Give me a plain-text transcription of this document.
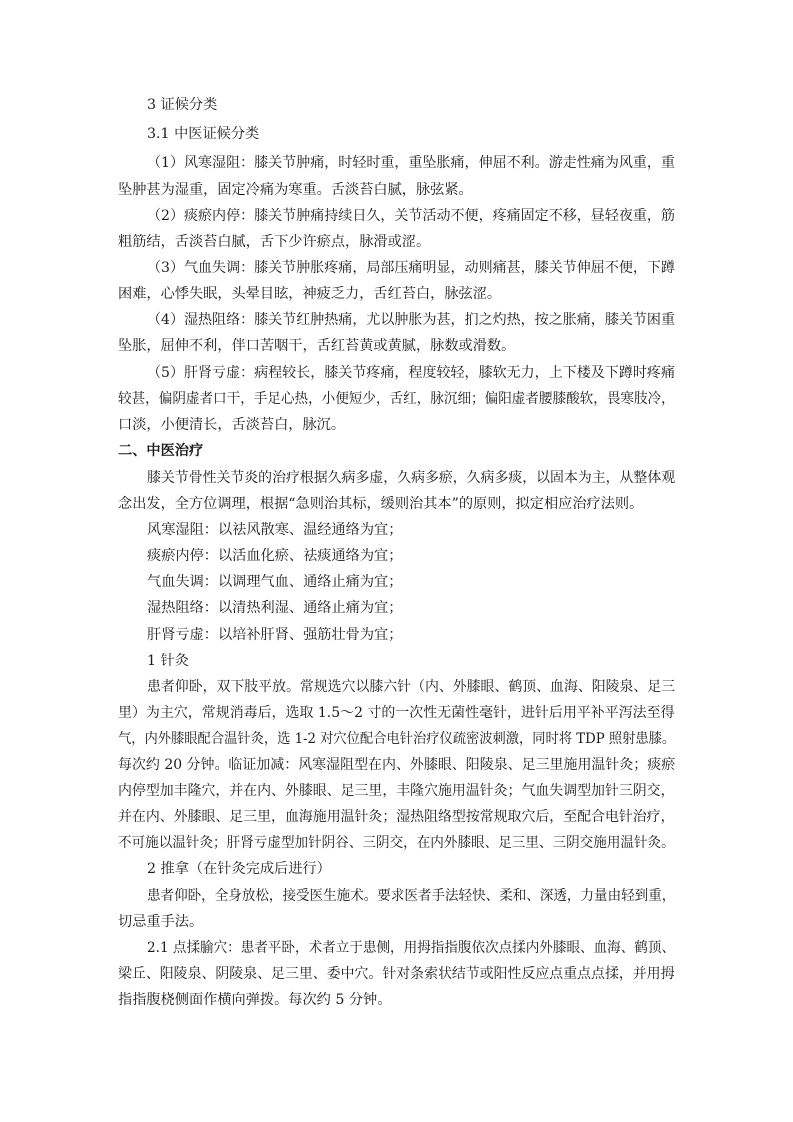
3 证候分类
3.1 中医证候分类
（1）风寒湿阻：膝关节肿痛，时轻时重，重坠胀痛，伸屈不利。游走性痛为风重，重
坠肿甚为湿重，固定冷痛为寒重。舌淡苔白腻，脉弦紧。
（2）痰瘀内停：膝关节肿痛持续日久，关节活动不便，疼痛固定不移，昼轻夜重，筋
粗筋结，舌淡苔白腻，舌下少许瘀点，脉滑或涩。
（3）气血失调：膝关节肿胀疼痛，局部压痛明显，动则痛甚，膝关节伸屈不便，下蹲
困难，心悸失眠，头晕目眩，神疲乏力，舌红苔白，脉弦涩。
（4）湿热阻络：膝关节红肿热痛，尤以肿胀为甚，扪之灼热，按之胀痛，膝关节困重
坠胀，屈伸不利，伴口苦咽干，舌红苔黄或黄腻，脉数或滑数。
（5）肝肾亏虚：病程较长，膝关节疼痛，程度较轻，膝软无力，上下楼及下蹲时疼痛
较甚，偏阴虚者口干，手足心热，小便短少，舌红，脉沉细；偏阳虚者腰膝酸软，畏寒肢冷，
口淡，小便清长，舌淡苔白，脉沉。
二、中医治疗
膝关节骨性关节炎的治疗根据久病多虚，久病多瘀，久病多痰，以固本为主，从整体观
念出发，全方位调理，根据“急则治其标，缓则治其本”的原则，拟定相应治疗法则。
风寒湿阻：以祛风散寒、温经通络为宜；
痰瘀内停：以活血化瘀、祛痰通络为宜；
气血失调：以调理气血、通络止痛为宜；
湿热阻络：以清热利湿、通络止痛为宜；
肝肾亏虚：以培补肝肾、强筋壮骨为宜；
1 针灸
患者仰卧，双下肢平放。常规选穴以膝六针（内、外膝眼、鹤顶、血海、阳陵泉、足三
里）为主穴，常规消毒后，选取 1.5～2 寸的一次性无菌性毫针，进针后用平补平泻法至得
气，内外膝眼配合温针灸，选 1-2 对穴位配合电针治疗仪疏密波刺激，同时将 TDP 照射患膝。
每次约 20 分钟。临证加减：风寒湿阻型在内、外膝眼、阳陵泉、足三里施用温针灸；痰瘀
内停型加丰隆穴，并在内、外膝眼、足三里，丰隆穴施用温针灸；气血失调型加针三阴交，
并在内、外膝眼、足三里，血海施用温针灸；湿热阻络型按常规取穴后，至配合电针治疗，
不可施以温针灸；肝肾亏虚型加针阴谷、三阴交，在内外膝眼、足三里、三阴交施用温针灸。
2 推拿（在针灸完成后进行）
患者仰卧，全身放松，接受医生施术。要求医者手法轻快、柔和、深透，力量由轻到重，
切忌重手法。
2.1 点揉腧穴：患者平卧，术者立于患侧，用拇指指腹依次点揉内外膝眼、血海、鹤顶、
梁丘、阳陵泉、阴陵泉、足三里、委中穴。针对条索状结节或阳性反应点重点点揉，并用拇
指指腹桡侧面作横向弹拨。每次约 5 分钟。
